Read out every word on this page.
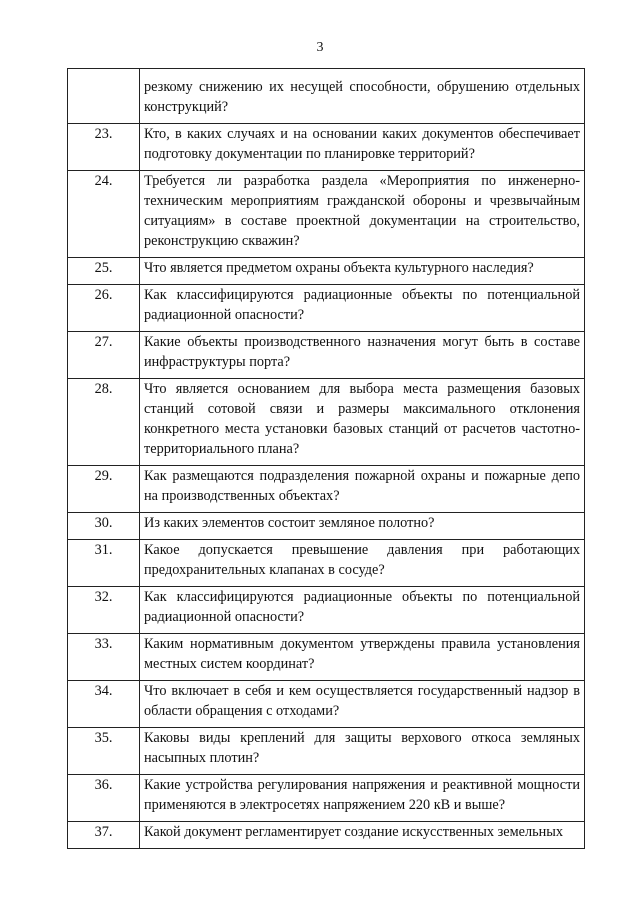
3
	резкому снижению их несущей способности, обрушению отдельных конструкций?
23.	Кто, в каких случаях и на основании каких документов обеспечивает подготовку документации по планировке территорий?
24.	Требуется ли разработка раздела «Мероприятия по инженерно-техническим мероприятиям гражданской обороны и чрезвычайным ситуациям» в составе проектной документации на строительство, реконструкцию скважин?
25.	Что является предметом охраны объекта культурного наследия?
26.	Как классифицируются радиационные объекты по потенциальной радиационной опасности?
27.	Какие объекты производственного назначения могут быть в составе инфраструктуры порта?
28.	Что является основанием для выбора места размещения базовых станций сотовой связи и размеры максимального отклонения конкретного места установки базовых станций от расчетов частотно-территориального плана?
29.	Как размещаются подразделения пожарной охраны и пожарные депо на производственных объектах?
30.	Из каких элементов состоит земляное полотно?
31.	Какое допускается превышение давления при работающих предохранительных клапанах в сосуде?
32.	Как классифицируются радиационные объекты по потенциальной радиационной опасности?
33.	Каким нормативным документом утверждены правила установления местных систем координат?
34.	Что включает в себя и кем осуществляется государственный надзор в области обращения с отходами?
35.	Каковы виды креплений для защиты верхового откоса земляных насыпных плотин?
36.	Какие устройства регулирования напряжения и реактивной мощности применяются в электросетях напряжением 220 кВ и выше?
37.	Какой документ регламентирует создание искусственных земельных
